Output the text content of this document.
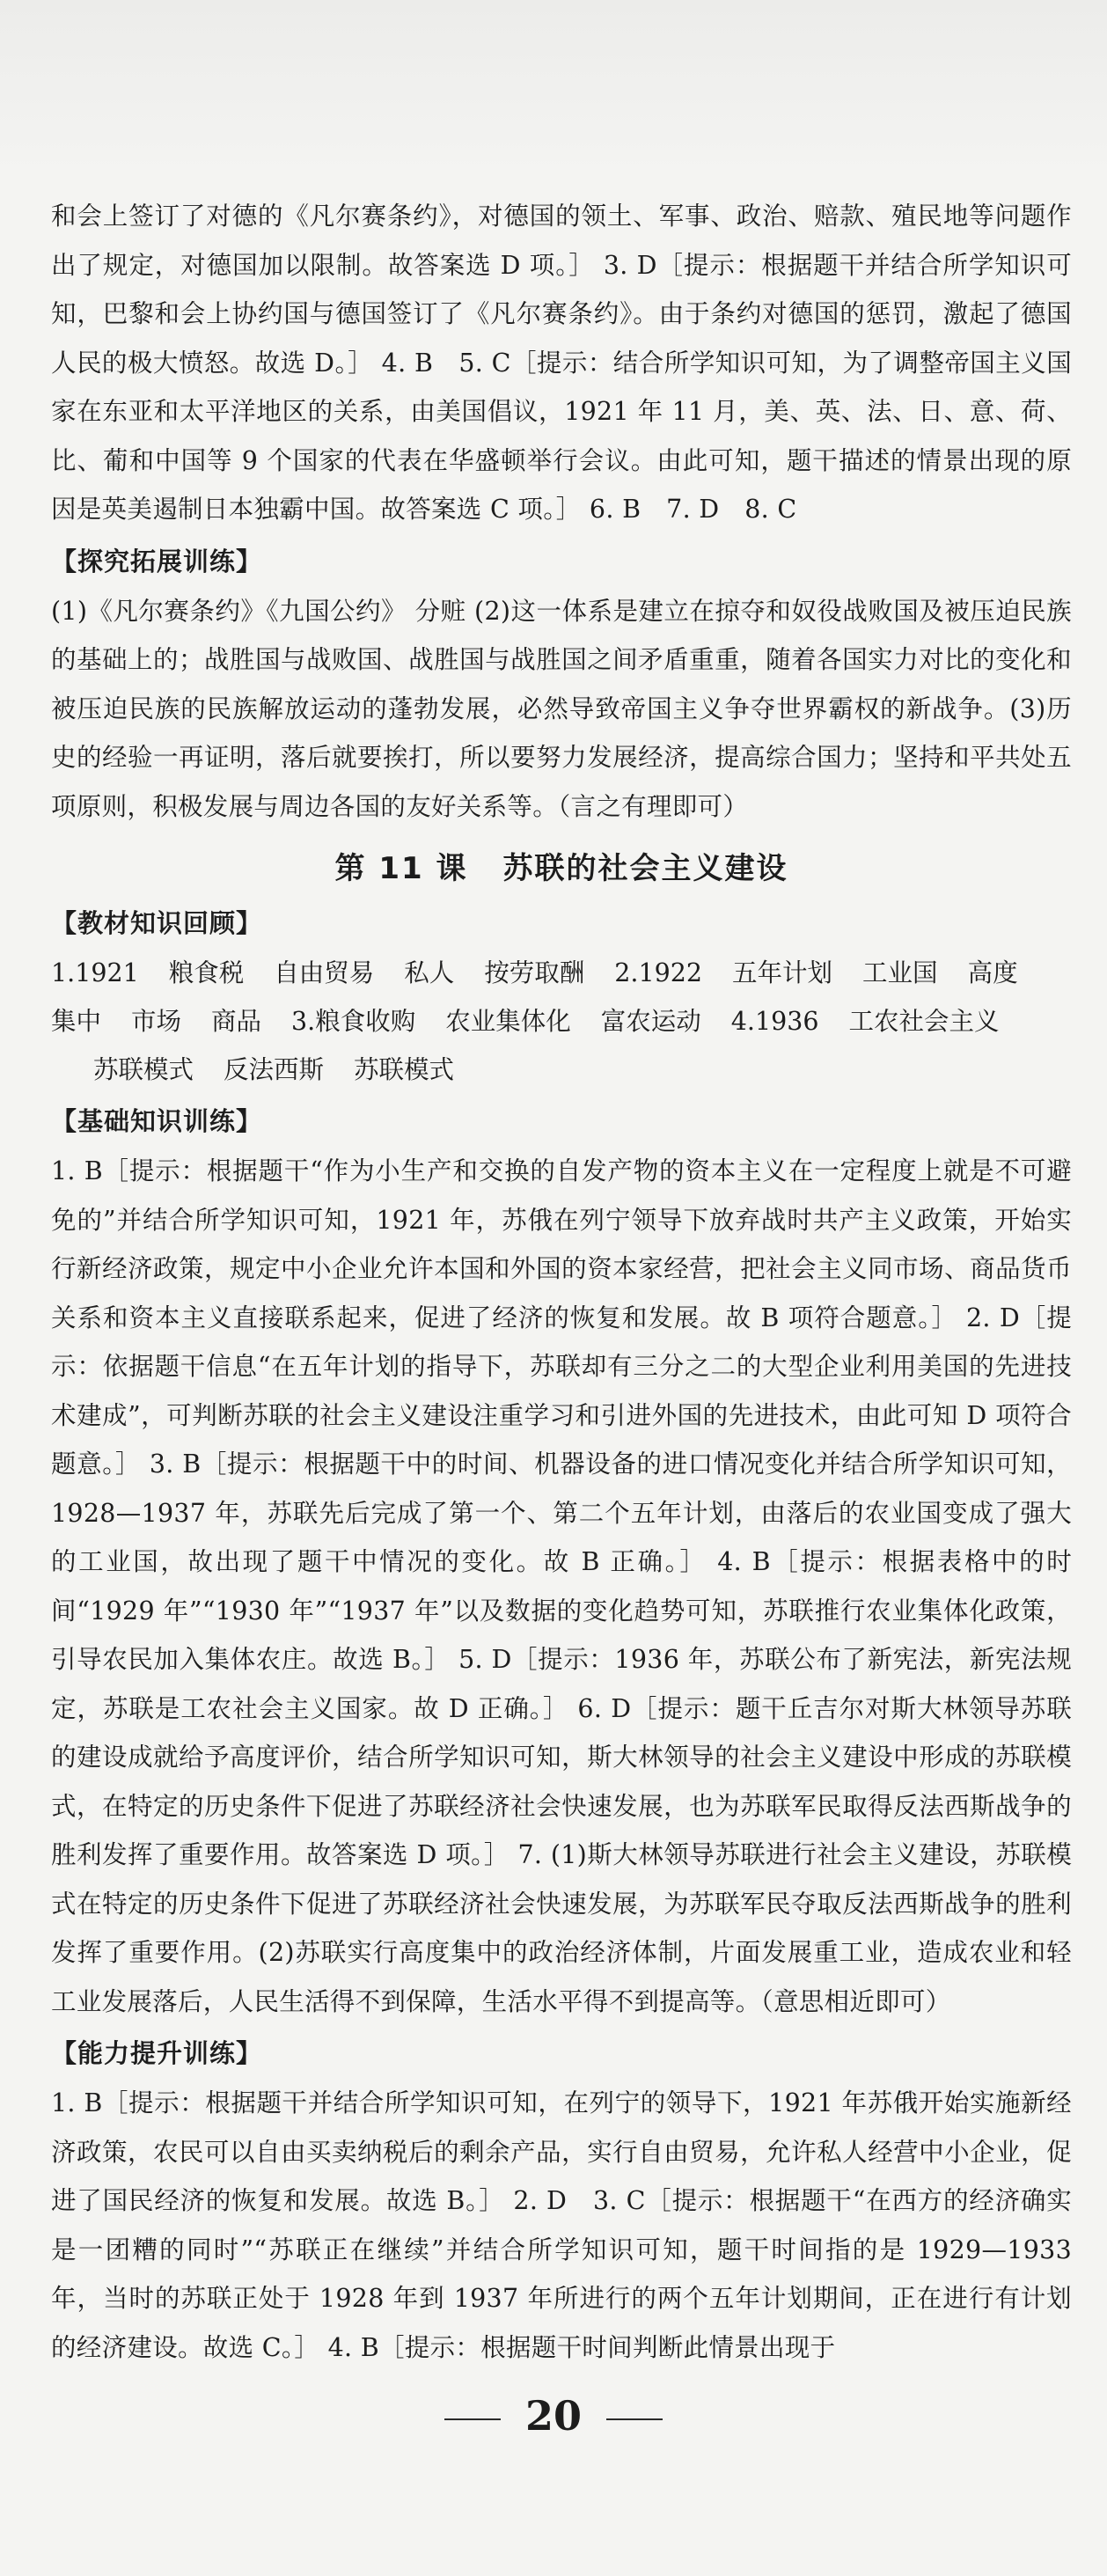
和会上签订了对德的《凡尔赛条约》，对德国的领土、军事、政治、赔款、殖民地等问题作出了规定，对德国加以限制。故答案选 D 项。］ 3. D［提示：根据题干并结合所学知识可知，巴黎和会上协约国与德国签订了《凡尔赛条约》。由于条约对德国的惩罚，激起了德国人民的极大愤怒。故选 D。］ 4. B　5. C［提示：结合所学知识可知，为了调整帝国主义国家在东亚和太平洋地区的关系，由美国倡议，1921 年 11 月，美、英、法、日、意、荷、比、葡和中国等 9 个国家的代表在华盛顿举行会议。由此可知，题干描述的情景出现的原因是英美遏制日本独霸中国。故答案选 C 项。］ 6. B　7. D　8. C

【探究拓展训练】

(1)《凡尔赛条约》《九国公约》 分赃 (2)这一体系是建立在掠夺和奴役战败国及被压迫民族的基础上的；战胜国与战败国、战胜国与战胜国之间矛盾重重，随着各国实力对比的变化和被压迫民族的民族解放运动的蓬勃发展，必然导致帝国主义争夺世界霸权的新战争。(3)历史的经验一再证明，落后就要挨打，所以要努力发展经济，提高综合国力；坚持和平共处五项原则，积极发展与周边各国的友好关系等。（言之有理即可）

第 11 课 苏联的社会主义建设
【教材知识回顾】
1.1921 粮食税 自由贸易 私人 按劳取酬 2.1922 五年计划 工业国 高度
集中 市场 商品 3.粮食收购 农业集体化 富农运动 4.1936 工农社会主义
苏联模式 反法西斯 苏联模式
【基础知识训练】

1. B［提示：根据题干“作为小生产和交换的自发产物的资本主义在一定程度上就是不可避免的”并结合所学知识可知，1921 年，苏俄在列宁领导下放弃战时共产主义政策，开始实行新经济政策，规定中小企业允许本国和外国的资本家经营，把社会主义同市场、商品货币关系和资本主义直接联系起来，促进了经济的恢复和发展。故 B 项符合题意。］ 2. D［提示：依据题干信息“在五年计划的指导下，苏联却有三分之二的大型企业利用美国的先进技术建成”，可判断苏联的社会主义建设注重学习和引进外国的先进技术，由此可知 D 项符合题意。］ 3. B［提示：根据题干中的时间、机器设备的进口情况变化并结合所学知识可知，1928—1937 年，苏联先后完成了第一个、第二个五年计划，由落后的农业国变成了强大的工业国，故出现了题干中情况的变化。故 B 正确。］ 4. B［提示：根据表格中的时间“1929 年”“1930 年”“1937 年”以及数据的变化趋势可知，苏联推行农业集体化政策，引导农民加入集体农庄。故选 B。］ 5. D［提示：1936 年，苏联公布了新宪法，新宪法规定，苏联是工农社会主义国家。故 D 正确。］ 6. D［提示：题干丘吉尔对斯大林领导苏联的建设成就给予高度评价，结合所学知识可知，斯大林领导的社会主义建设中形成的苏联模式，在特定的历史条件下促进了苏联经济社会快速发展，也为苏联军民取得反法西斯战争的胜利发挥了重要作用。故答案选 D 项。］ 7. (1)斯大林领导苏联进行社会主义建设，苏联模式在特定的历史条件下促进了苏联经济社会快速发展，为苏联军民夺取反法西斯战争的胜利发挥了重要作用。(2)苏联实行高度集中的政治经济体制，片面发展重工业，造成农业和轻工业发展落后，人民生活得不到保障，生活水平得不到提高等。（意思相近即可）

【能力提升训练】

1. B［提示：根据题干并结合所学知识可知，在列宁的领导下，1921 年苏俄开始实施新经济政策，农民可以自由买卖纳税后的剩余产品，实行自由贸易，允许私人经营中小企业，促进了国民经济的恢复和发展。故选 B。］ 2. D　3. C［提示：根据题干“在西方的经济确实是一团糟的同时”“苏联正在继续”并结合所学知识可知，题干时间指的是 1929—1933 年，当时的苏联正处于 1928 年到 1937 年所进行的两个五年计划期间，正在进行有计划的经济建设。故选 C。］ 4. B［提示：根据题干时间判断此情景出现于

20
